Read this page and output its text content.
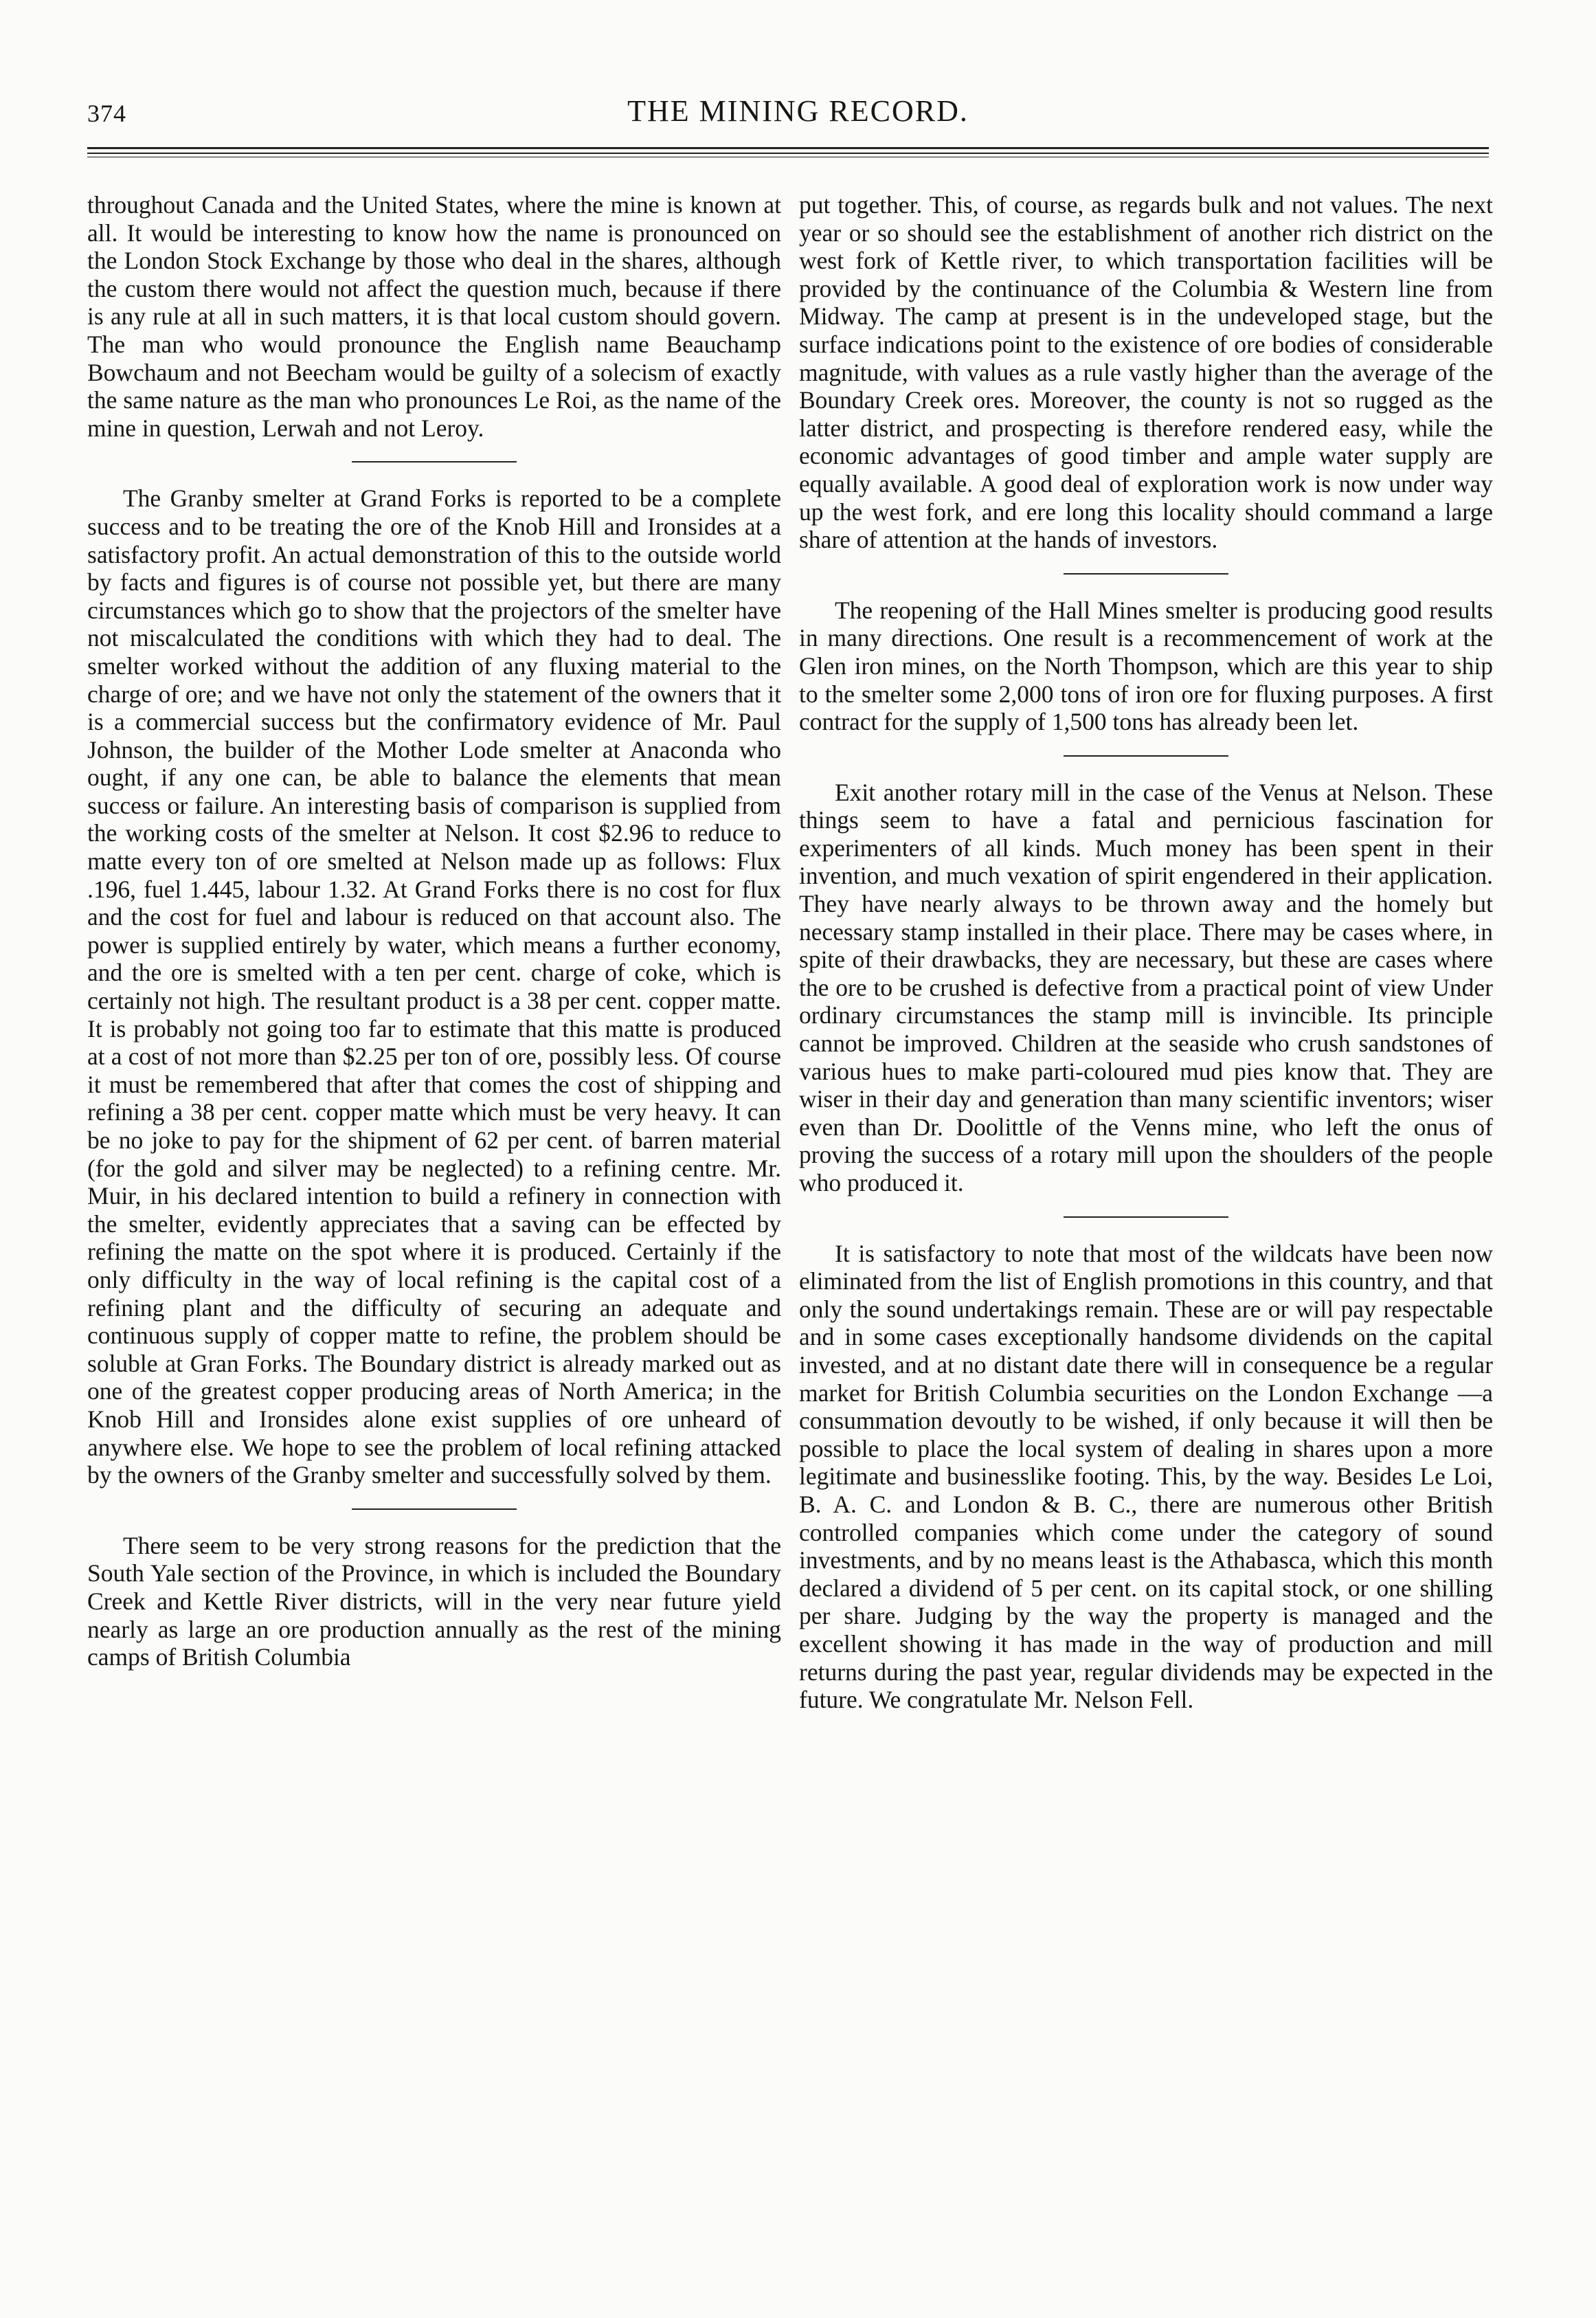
374	THE MINING RECORD.

throughout Canada and the United States, where the mine is known at all. It would be interesting to know how the name is pronounced on the London Stock Exchange by those who deal in the shares, although the custom there would not affect the question much, because if there is any rule at all in such matters, it is that local custom should govern. The man who would pronounce the English name Beauchamp Bowchaum and not Beecham would be guilty of a solecism of exactly the same nature as the man who pronounces Le Roi, as the name of the mine in question, Lerwah and not Leroy.

The Granby smelter at Grand Forks is reported to be a complete success and to be treating the ore of the Knob Hill and Ironsides at a satisfactory profit. An actual demonstration of this to the outside world by facts and figures is of course not possible yet, but there are many circumstances which go to show that the projectors of the smelter have not miscalculated the conditions with which they had to deal. The smelter worked without the addition of any fluxing material to the charge of ore; and we have not only the statement of the owners that it is a commercial success but the confirmatory evidence of Mr. Paul Johnson, the builder of the Mother Lode smelter at Anaconda who ought, if any one can, be able to balance the elements that mean success or failure. An interesting basis of comparison is supplied from the working costs of the smelter at Nelson. It cost $2.96 to reduce to matte every ton of ore smelted at Nelson made up as follows: Flux .196, fuel 1.445, labour 1.32. At Grand Forks there is no cost for flux and the cost for fuel and labour is reduced on that account also. The power is supplied entirely by water, which means a further economy, and the ore is smelted with a ten per cent. charge of coke, which is certainly not high. The resultant product is a 38 per cent. copper matte. It is probably not going too far to estimate that this matte is produced at a cost of not more than $2.25 per ton of ore, possibly less. Of course it must be remembered that after that comes the cost of shipping and refining a 38 per cent. copper matte which must be very heavy. It can be no joke to pay for the shipment of 62 per cent. of barren material (for the gold and silver may be neglected) to a refining centre. Mr. Muir, in his declared intention to build a refinery in connection with the smelter, evidently appreciates that a saving can be effected by refining the matte on the spot where it is produced. Certainly if the only difficulty in the way of local refining is the capital cost of a refining plant and the difficulty of securing an adequate and continuous supply of copper matte to refine, the problem should be soluble at Gran Forks. The Boundary district is already marked out as one of the greatest copper producing areas of North America; in the Knob Hill and Ironsides alone exist supplies of ore unheard of anywhere else. We hope to see the problem of local refining attacked by the owners of the Granby smelter and successfully solved by them.

There seem to be very strong reasons for the prediction that the South Yale section of the Province, in which is included the Boundary Creek and Kettle River districts, will in the very near future yield nearly as large an ore production annually as the rest of the mining camps of British Columbia

put together. This, of course, as regards bulk and not values. The next year or so should see the establishment of another rich district on the west fork of Kettle river, to which transportation facilities will be provided by the continuance of the Columbia & Western line from Midway. The camp at present is in the undeveloped stage, but the surface indications point to the existence of ore bodies of considerable magnitude, with values as a rule vastly higher than the average of the Boundary Creek ores. Moreover, the county is not so rugged as the latter district, and prospecting is therefore rendered easy, while the economic advantages of good timber and ample water supply are equally available. A good deal of exploration work is now under way up the west fork, and ere long this locality should command a large share of attention at the hands of investors.

The reopening of the Hall Mines smelter is producing good results in many directions. One result is a recommencement of work at the Glen iron mines, on the North Thompson, which are this year to ship to the smelter some 2,000 tons of iron ore for fluxing purposes. A first contract for the supply of 1,500 tons has already been let.

Exit another rotary mill in the case of the Venus at Nelson. These things seem to have a fatal and pernicious fascination for experimenters of all kinds. Much money has been spent in their invention, and much vexation of spirit engendered in their application. They have nearly always to be thrown away and the homely but necessary stamp installed in their place. There may be cases where, in spite of their drawbacks, they are necessary, but these are cases where the ore to be crushed is defective from a practical point of view Under ordinary circumstances the stamp mill is invincible. Its principle cannot be improved. Children at the seaside who crush sandstones of various hues to make parti-coloured mud pies know that. They are wiser in their day and generation than many scientific inventors; wiser even than Dr. Doolittle of the Venns mine, who left the onus of proving the success of a rotary mill upon the shoulders of the people who produced it.

It is satisfactory to note that most of the wildcats have been now eliminated from the list of English promotions in this country, and that only the sound undertakings remain. These are or will pay respectable and in some cases exceptionally handsome dividends on the capital invested, and at no distant date there will in consequence be a regular market for British Columbia securities on the London Exchange —a consummation devoutly to be wished, if only because it will then be possible to place the local system of dealing in shares upon a more legitimate and businesslike footing. This, by the way. Besides Le Loi, B. A. C. and London & B. C., there are numerous other British controlled companies which come under the category of sound investments, and by no means least is the Athabasca, which this month declared a dividend of 5 per cent. on its capital stock, or one shilling per share. Judging by the way the property is managed and the excellent showing it has made in the way of production and mill returns during the past year, regular dividends may be expected in the future. We congratulate Mr. Nelson Fell.
